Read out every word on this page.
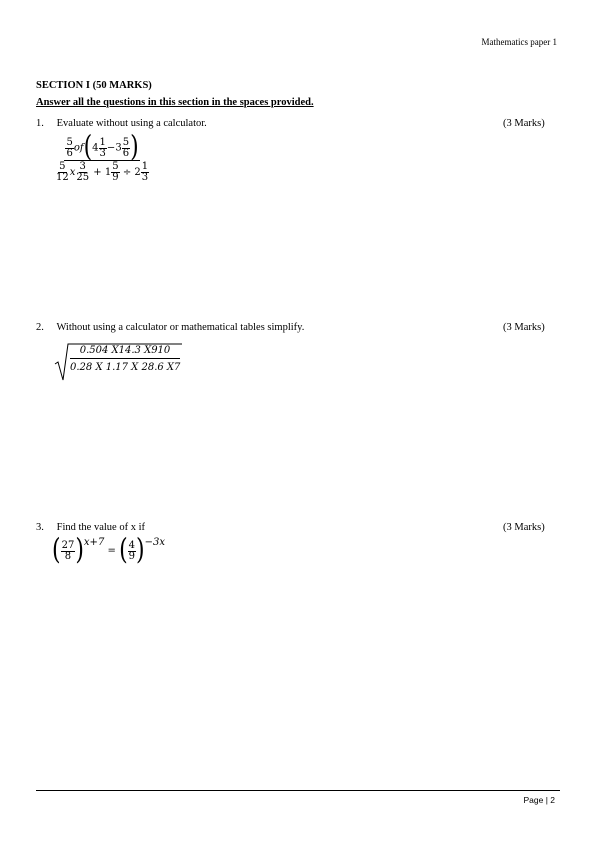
Mathematics paper 1
SECTION I (50 MARKS)
Answer all the questions in this section in the spaces provided.
1. Evaluate without using a calculator.	(3 Marks)
$\frac{\frac{5}{6} of(4 \frac{1}{3} -3 \frac{5}{6} )}{\frac{5}{12} x \frac{3}{25} + 1 \frac{5}{9} \div 2 \frac{1}{3}}$
2. Without using a calculator or mathematical tables simplify.	(3 Marks)
$\frac{0.504 X14.3 X910}{0.28 X 1.17 X 28.6 X7}$
3. Find the value of x if	(3 Marks)
( $\frac{27}{8} )^{x+7}$ = ( $\frac{4}{9} )^{-3x}$
Page | 2
